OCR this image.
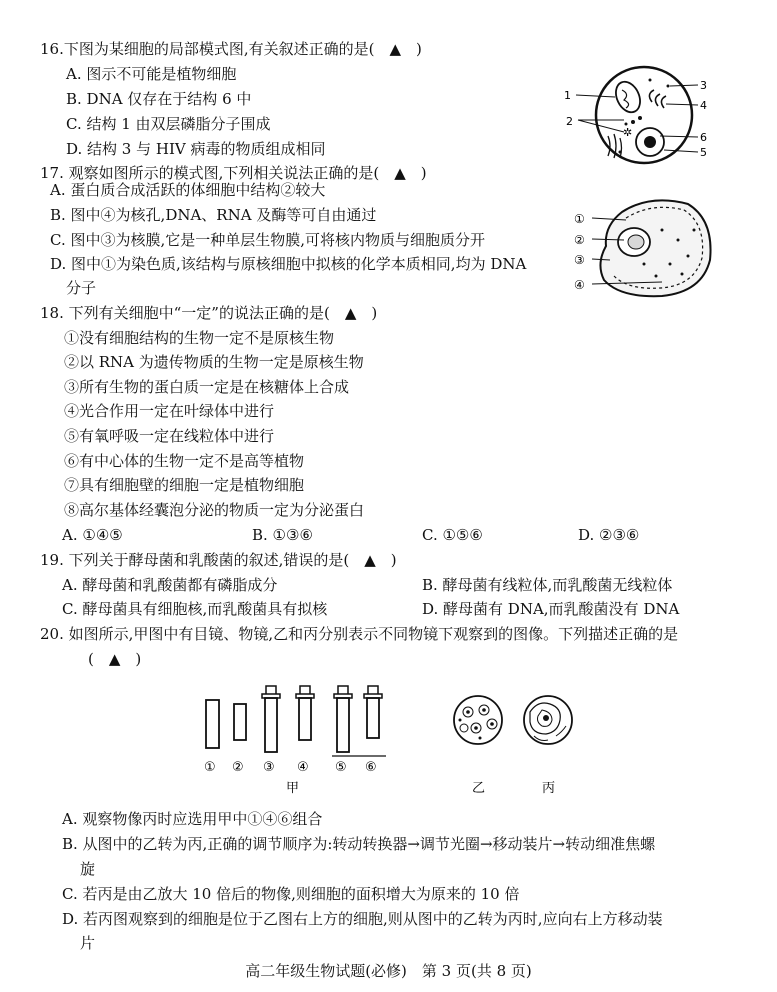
16.下图为某细胞的局部模式图,有关叙述正确的是(　▲　)
A. 图示不可能是植物细胞
B. DNA 仅存在于结构 6 中
C. 结构 1 由双层磷脂分子围成
D. 结构 3 与 HIV 病毒的物质组成相同
✲
1
2
3
4
6
5
17. 观察如图所示的模式图,下列相关说法正确的是(　▲　)
A. 蛋白质合成活跃的体细胞中结构②较大
B. 图中④为核孔,DNA、RNA 及酶等可自由通过
C. 图中③为核膜,它是一种单层生物膜,可将核内物质与细胞质分开
D. 图中①为染色质,该结构与原核细胞中拟核的化学本质相同,均为 DNA
分子
①
②
③
④
18. 下列有关细胞中“一定”的说法正确的是(　▲　)
①没有细胞结构的生物一定不是原核生物
②以 RNA 为遗传物质的生物一定是原核生物
③所有生物的蛋白质一定是在核糖体上合成
④光合作用一定在叶绿体中进行
⑤有氧呼吸一定在线粒体中进行
⑥有中心体的生物一定不是高等植物
⑦具有细胞壁的细胞一定是植物细胞
⑧高尔基体经囊泡分泌的物质一定为分泌蛋白
A. ①④⑤	B. ①③⑥	C. ①⑤⑥	D. ②③⑥
19. 下列关于酵母菌和乳酸菌的叙述,错误的是(　▲　)
A. 酵母菌和乳酸菌都有磷脂成分	B. 酵母菌有线粒体,而乳酸菌无线粒体
C. 酵母菌具有细胞核,而乳酸菌具有拟核	D. 酵母菌有 DNA,而乳酸菌没有 DNA
20. 如图所示,甲图中有目镜、物镜,乙和丙分别表示不同物镜下观察到的图像。下列描述正确的是
(　▲　)
① ② ③ ④ ⑤ ⑥
甲	乙	丙
A. 观察物像丙时应选用甲中①④⑥组合
B. 从图中的乙转为丙,正确的调节顺序为:转动转换器→调节光圈→移动装片→转动细准焦螺
旋
C. 若丙是由乙放大 10 倍后的物像,则细胞的面积增大为原来的 10 倍
D. 若丙图观察到的细胞是位于乙图右上方的细胞,则从图中的乙转为丙时,应向右上方移动装
片
高二年级生物试题(必修)　第 3 页(共 8 页)
